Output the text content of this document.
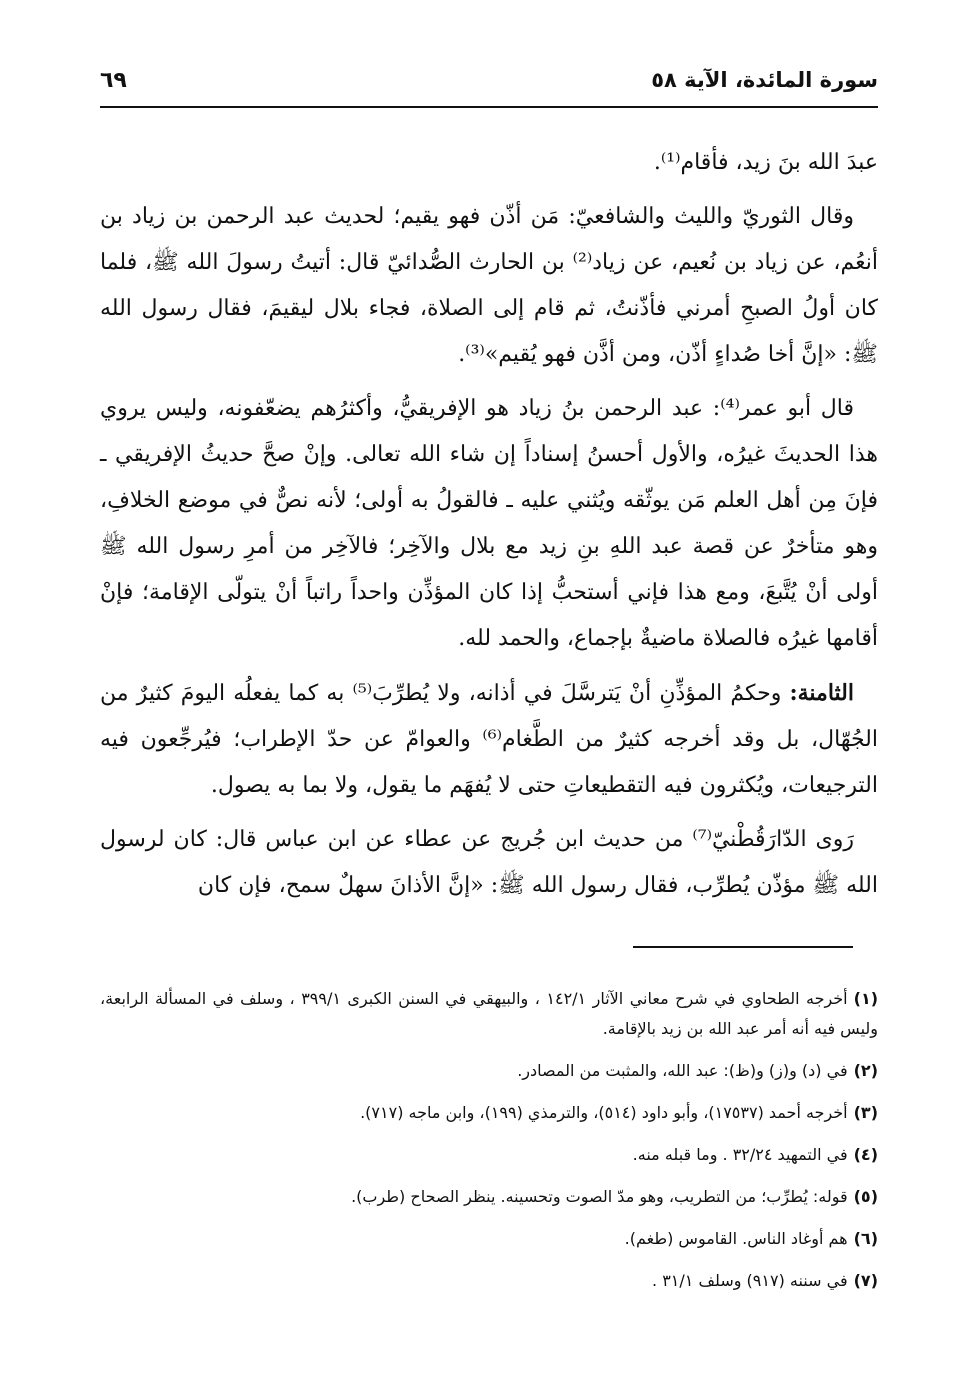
سورة المائدة، الآية ٥٨
٦٩

عبدَ الله بنَ زيد، فأقام⁽¹⁾.

وقال الثوريّ والليث والشافعيّ: مَن أذّن فهو يقيم؛ لحديث عبد الرحمن بن زياد بن أنعُم، عن زياد بن نُعيم، عن زياد⁽²⁾ بن الحارث الصُّدائيّ قال: أتيتُ رسولَ الله ﷺ، فلما كان أولُ الصبحِ أمرني فأذّنتُ، ثم قام إلى الصلاة، فجاء بلال ليقيمَ، فقال رسول الله ﷺ: «إنَّ أخا صُداءٍ أذّن، ومن أذَّن فهو يُقيم»⁽³⁾.

قال أبو عمر⁽⁴⁾: عبد الرحمن بنُ زياد هو الإفريقيُّ، وأكثرُهم يضعّفونه، وليس يروي هذا الحديثَ غيرُه، والأول أحسنُ إسناداً إن شاء الله تعالى. وإنْ صحَّ حديثُ الإفريقي ـ فإنَ مِن أهل العلم مَن يوثّقه ويُثني عليه ـ فالقولُ به أولى؛ لأنه نصٌّ في موضع الخلافِ، وهو متأخرٌ عن قصة عبد اللهِ بنِ زيد مع بلال والآخِر؛ فالآخِر من أمرِ رسول الله ﷺ أولى أنْ يُتَّبعَ، ومع هذا فإني أستحبُّ إذا كان المؤذِّن واحداً راتباً أنْ يتولّى الإقامة؛ فإنْ أقامها غيرُه فالصلاة ماضيةٌ بإجماع، والحمد لله.

الثامنة: وحكمُ المؤذِّنِ أنْ يَترسَّلَ في أذانه، ولا يُطرِّبَ⁽⁵⁾ به كما يفعلُه اليومَ كثيرٌ من الجُهّال، بل وقد أخرجه كثيرٌ من الطَّغام⁽⁶⁾ والعوامّ عن حدّ الإطراب؛ فيُرجِّعون فيه الترجيعات، ويُكثرون فيه التقطيعاتِ حتى لا يُفهَم ما يقول، ولا بما به يصول.

رَوى الدّارَقُطْنيّ⁽⁷⁾ من حديث ابن جُريج عن عطاء عن ابن عباس قال: كان لرسول الله ﷺ مؤذّن يُطرِّب، فقال رسول الله ﷺ: «إنَّ الأذانَ سهلٌ سمح، فإن كان

(١)أخرجه الطحاوي في شرح معاني الآثار ١٤٢/١ ، والبيهقي في السنن الكبرى ٣٩٩/١ ، وسلف في المسألة الرابعة، وليس فيه أنه أمر عبد الله بن زيد بالإقامة.
(٢)في (د) و(ز) و(ظ): عبد الله، والمثبت من المصادر.
(٣)أخرجه أحمد (١٧٥٣٧)، وأبو داود (٥١٤)، والترمذي (١٩٩)، وابن ماجه (٧١٧).
(٤)في التمهيد ٣٢/٢٤ . وما قبله منه.
(٥)قوله: يُطرِّب؛ من التطريب، وهو مدّ الصوت وتحسينه. ينظر الصحاح (طرب).
(٦)هم أوغاد الناس. القاموس (طغم).
(٧)في سننه (٩١٧) وسلف ٣١/١ .
